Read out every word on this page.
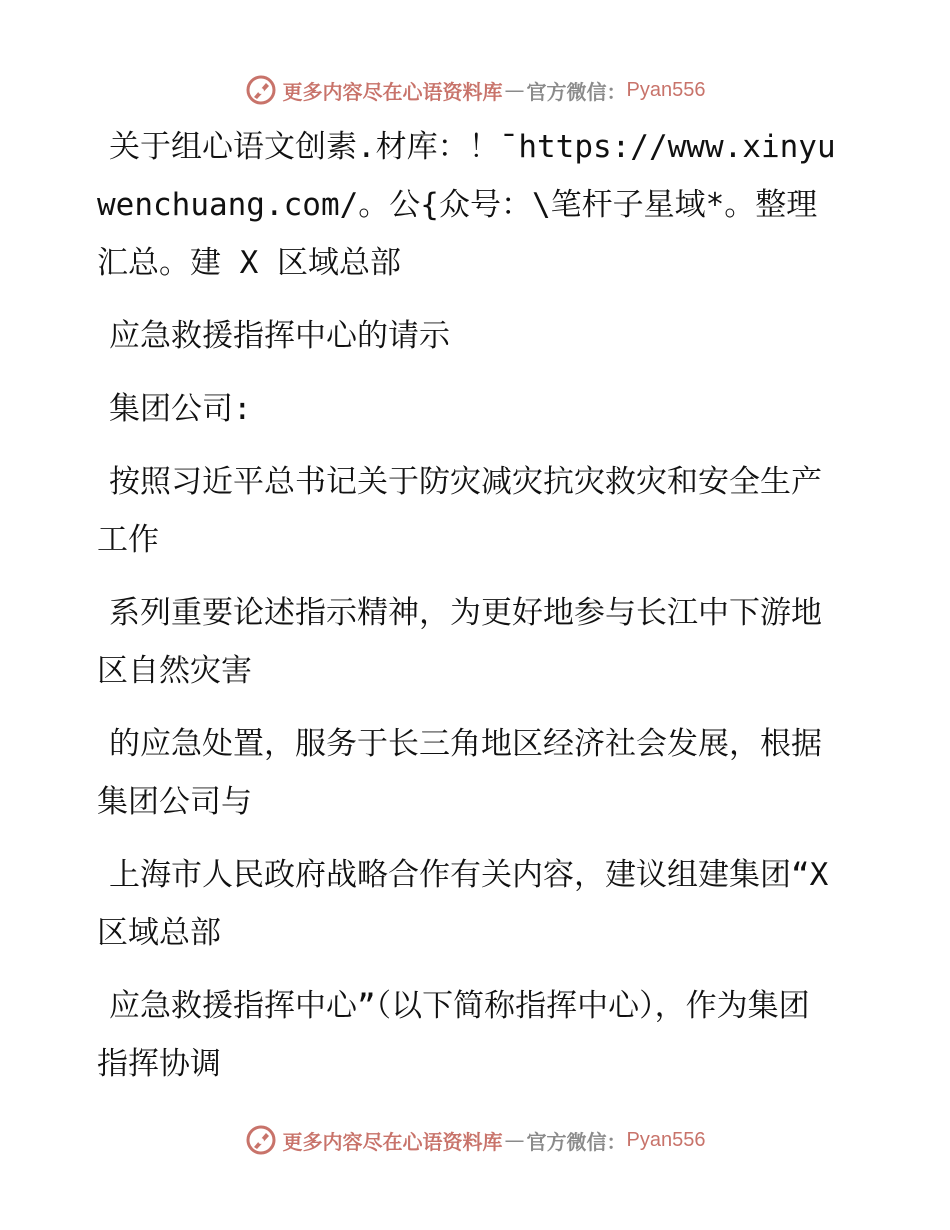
更多内容尽在心语资料库 — 官方微信： Pyan556

关于组心语文创素.材库：！¯https://www.xinyuwenchuang.com/。公{众号：\笔杆子星域*。整理汇总。建 X 区域总部

应急救援指挥中心的请示

集团公司:

按照习近平总书记关于防灾减灾抗灾救灾和安全生产工作

系列重要论述指示精神，为更好地参与长江中下游地区自然灾害

的应急处置，服务于长三角地区经济社会发展，根据集团公司与

上海市人民政府战略合作有关内容，建议组建集团“X 区域总部

应急救援指挥中心”（以下简称指挥中心），作为集团指挥协调

更多内容尽在心语资料库 — 官方微信： Pyan556
